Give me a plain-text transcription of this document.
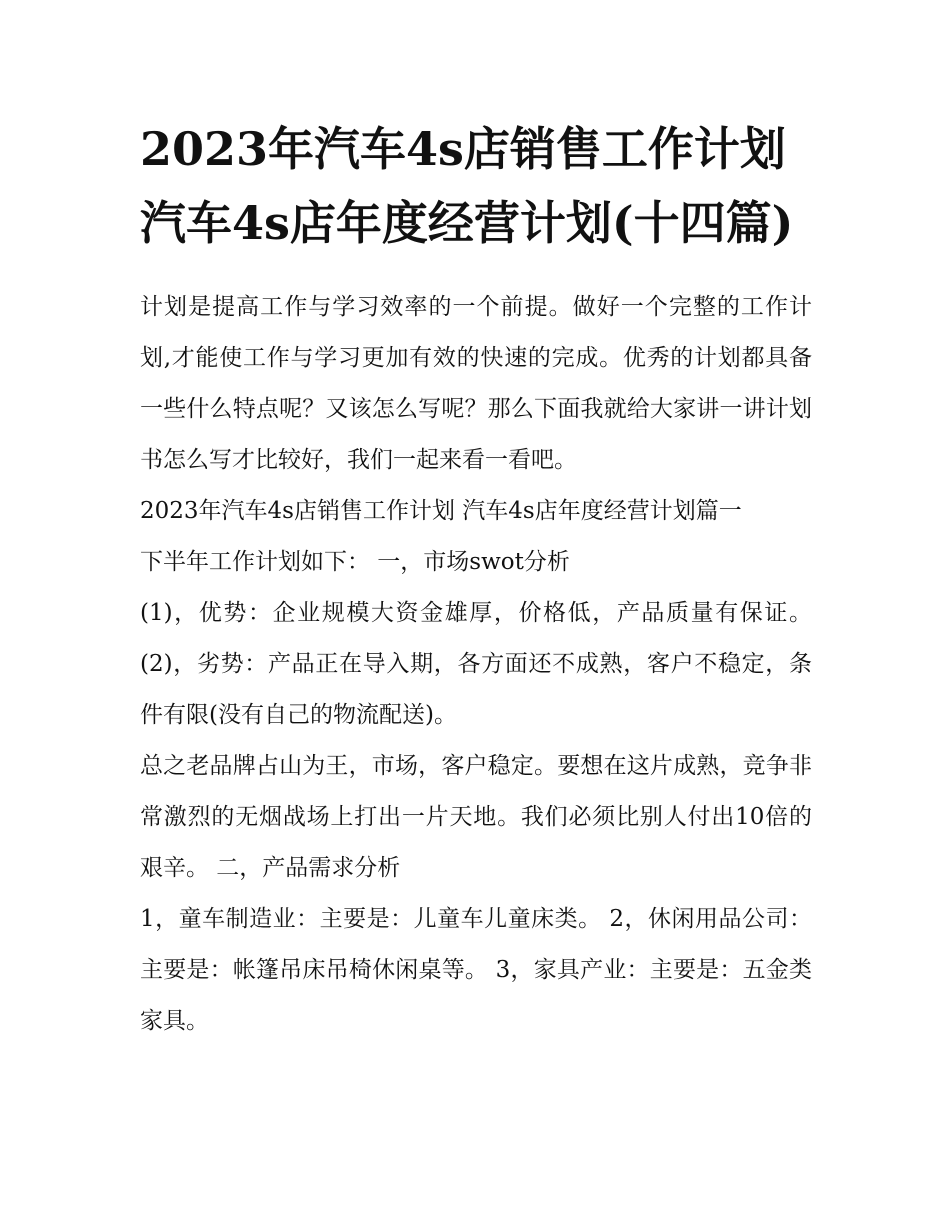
2023年汽车4s店销售工作计划 汽车4s店年度经营计划(十四篇)

计划是提高工作与学习效率的一个前提。做好一个完整的工作计划,才能使工作与学习更加有效的快速的完成。优秀的计划都具备一些什么特点呢？又该怎么写呢？那么下面我就给大家讲一讲计划书怎么写才比较好，我们一起来看一看吧。

2023年汽车4s店销售工作计划 汽车4s店年度经营计划篇一

下半年工作计划如下： 一，市场swot分析

(1)，优势：企业规模大资金雄厚，价格低，产品质量有保证。 (2)，劣势：产品正在导入期，各方面还不成熟，客户不稳定，条件有限(没有自己的物流配送)。

总之老品牌占山为王，市场，客户稳定。要想在这片成熟，竞争非常激烈的无烟战场上打出一片天地。我们必须比别人付出10倍的艰辛。 二，产品需求分析

1，童车制造业：主要是：儿童车儿童床类。 2，休闲用品公司：主要是：帐篷吊床吊椅休闲桌等。 3，家具产业：主要是：五金类家具。
